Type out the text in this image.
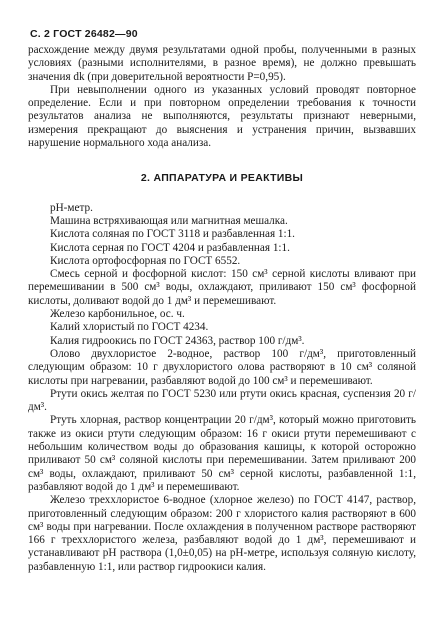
С. 2 ГОСТ 26482—90

расхождение между двумя результатами одной пробы, полученными в разных условиях (разными исполнителями, в разное время), не должно превышать значения dk (при доверительной вероятности P=0,95).

При невыполнении одного из указанных условий проводят повторное определение. Если и при повторном определении требования к точности результатов анализа не выполняются, результаты признают неверными, измерения прекращают до выяснения и устранения причин, вызвавших нарушение нормального хода анализа.

2. АППАРАТУРА И РЕАКТИВЫ

рН-метр.

Машина встряхивающая или магнитная мешалка.

Кислота соляная по ГОСТ 3118 и разбавленная 1:1.

Кислота серная по ГОСТ 4204 и разбавленная 1:1.

Кислота ортофосфорная по ГОСТ 6552.

Смесь серной и фосфорной кислот: 150 см³ серной кислоты вливают при перемешивании в 500 см³ воды, охлаждают, приливают 150 см³ фосфорной кислоты, доливают водой до 1 дм³ и перемешивают.

Железо карбонильное, ос. ч.

Калий хлористый по ГОСТ 4234.

Калия гидроокись по ГОСТ 24363, раствор 100 г/дм³.

Олово двухлористое 2-водное, раствор 100 г/дм³, приготовленный следующим образом: 10 г двухлористого олова растворяют в 10 см³ соляной кислоты при нагревании, разбавляют водой до 100 см³ и перемешивают.

Ртути окись желтая по ГОСТ 5230 или ртути окись красная, суспензия 20 г/дм³.

Ртуть хлорная, раствор концентрации 20 г/дм³, который можно приготовить также из окиси ртути следующим образом: 16 г окиси ртути перемешивают с небольшим количеством воды до образования кашицы, к которой осторожно приливают 50 см³ соляной кислоты при перемешивании. Затем приливают 200 см³ воды, охлаждают, приливают 50 см³ серной кислоты, разбавленной 1:1, разбавляют водой до 1 дм³ и перемешивают.

Железо треххлористое 6-водное (хлорное железо) по ГОСТ 4147, раствор, приготовленный следующим образом: 200 г хлористого калия растворяют в 600 см³ воды при нагревании. После охлаждения в полученном растворе растворяют 166 г треххлористого железа, разбавляют водой до 1 дм³, перемешивают и устанавливают pH раствора (1,0±0,05) на рН-метре, используя соляную кислоту, разбавленную 1:1, или раствор гидроокиси калия.
